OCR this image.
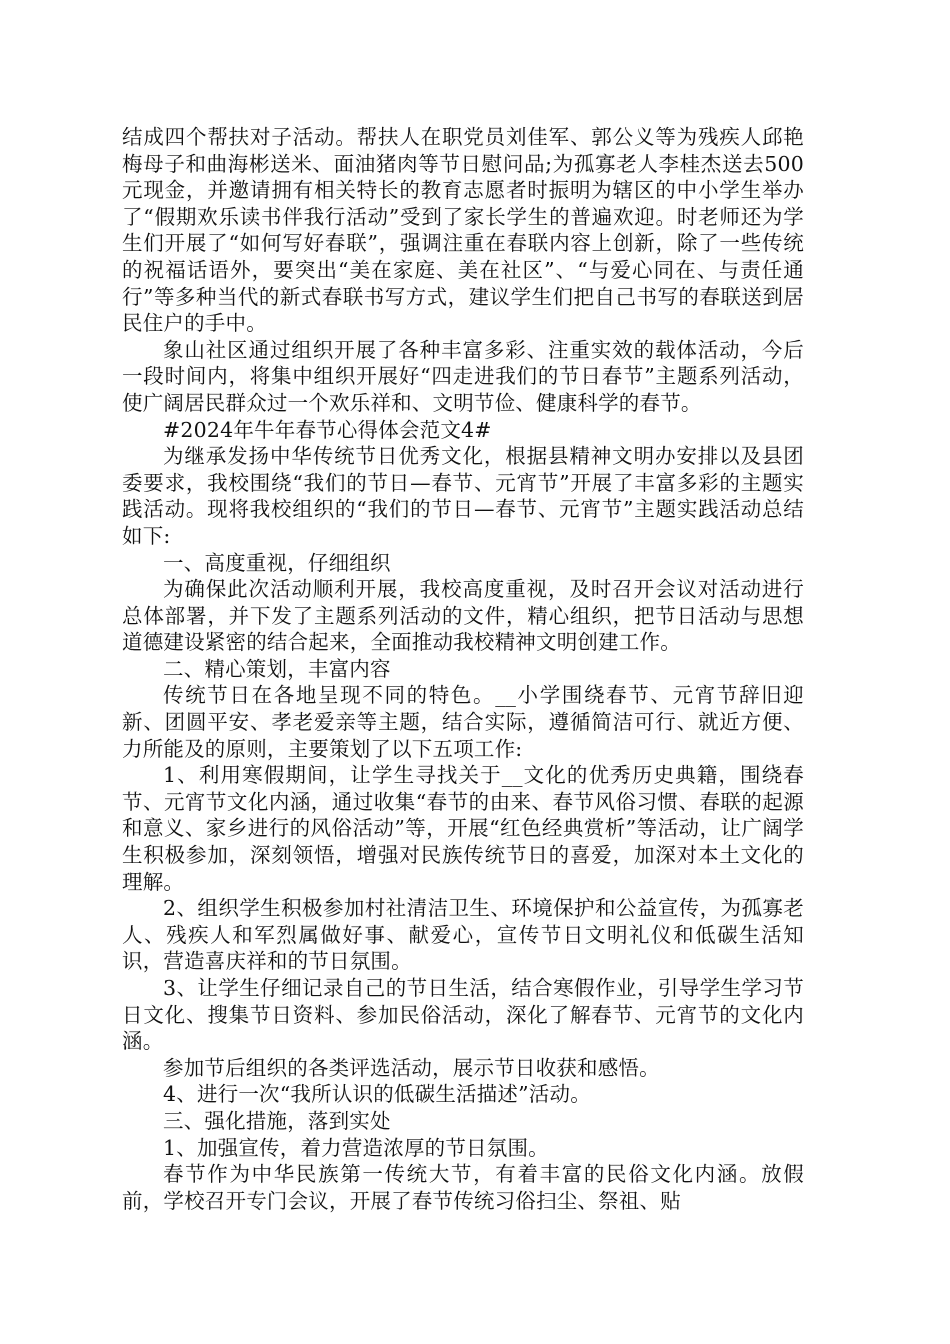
结成四个帮扶对子活动。帮扶人在职党员刘佳军、郭公义等为残疾人邱艳梅母子和曲海彬送米、面油猪肉等节日慰问品;为孤寡老人李桂杰送去500元现金，并邀请拥有相关特长的教育志愿者时振明为辖区的中小学生举办了“假期欢乐读书伴我行活动”受到了家长学生的普遍欢迎。时老师还为学生们开展了“如何写好春联”，强调注重在春联内容上创新，除了一些传统的祝福话语外，要突出“美在家庭、美在社区”、“与爱心同在、与责任通行”等多种当代的新式春联书写方式，建议学生们把自己书写的春联送到居民住户的手中。

象山社区通过组织开展了各种丰富多彩、注重实效的载体活动，今后一段时间内，将集中组织开展好“四走进我们的节日春节”主题系列活动，使广阔居民群众过一个欢乐祥和、文明节俭、健康科学的春节。

#2024年牛年春节心得体会范文4#

为继承发扬中华传统节日优秀文化，根据县精神文明办安排以及县团委要求，我校围绕“我们的节日—春节、元宵节”开展了丰富多彩的主题实践活动。现将我校组织的“我们的节日—春节、元宵节”主题实践活动总结如下:

一、高度重视，仔细组织

为确保此次活动顺利开展，我校高度重视，及时召开会议对活动进行总体部署，并下发了主题系列活动的文件，精心组织，把节日活动与思想道德建设紧密的结合起来，全面推动我校精神文明创建工作。

二、精心策划，丰富内容

传统节日在各地呈现不同的特色。__小学围绕春节、元宵节辞旧迎新、团圆平安、孝老爱亲等主题，结合实际，遵循简洁可行、就近方便、力所能及的原则，主要策划了以下五项工作:

1、利用寒假期间，让学生寻找关于__文化的优秀历史典籍，围绕春节、元宵节文化内涵，通过收集“春节的由来、春节风俗习惯、春联的起源和意义、家乡进行的风俗活动”等，开展“红色经典赏析”等活动，让广阔学生积极参加，深刻领悟，增强对民族传统节日的喜爱，加深对本土文化的理解。

2、组织学生积极参加村社清洁卫生、环境保护和公益宣传，为孤寡老人、残疾人和军烈属做好事、献爱心，宣传节日文明礼仪和低碳生活知识，营造喜庆祥和的节日氛围。

3、让学生仔细记录自己的节日生活，结合寒假作业，引导学生学习节日文化、搜集节日资料、参加民俗活动，深化了解春节、元宵节的文化内涵。

参加节后组织的各类评选活动，展示节日收获和感悟。

4、进行一次“我所认识的低碳生活描述”活动。

三、强化措施，落到实处

1、加强宣传，着力营造浓厚的节日氛围。

春节作为中华民族第一传统大节，有着丰富的民俗文化内涵。放假前，学校召开专门会议，开展了春节传统习俗扫尘、祭祖、贴
